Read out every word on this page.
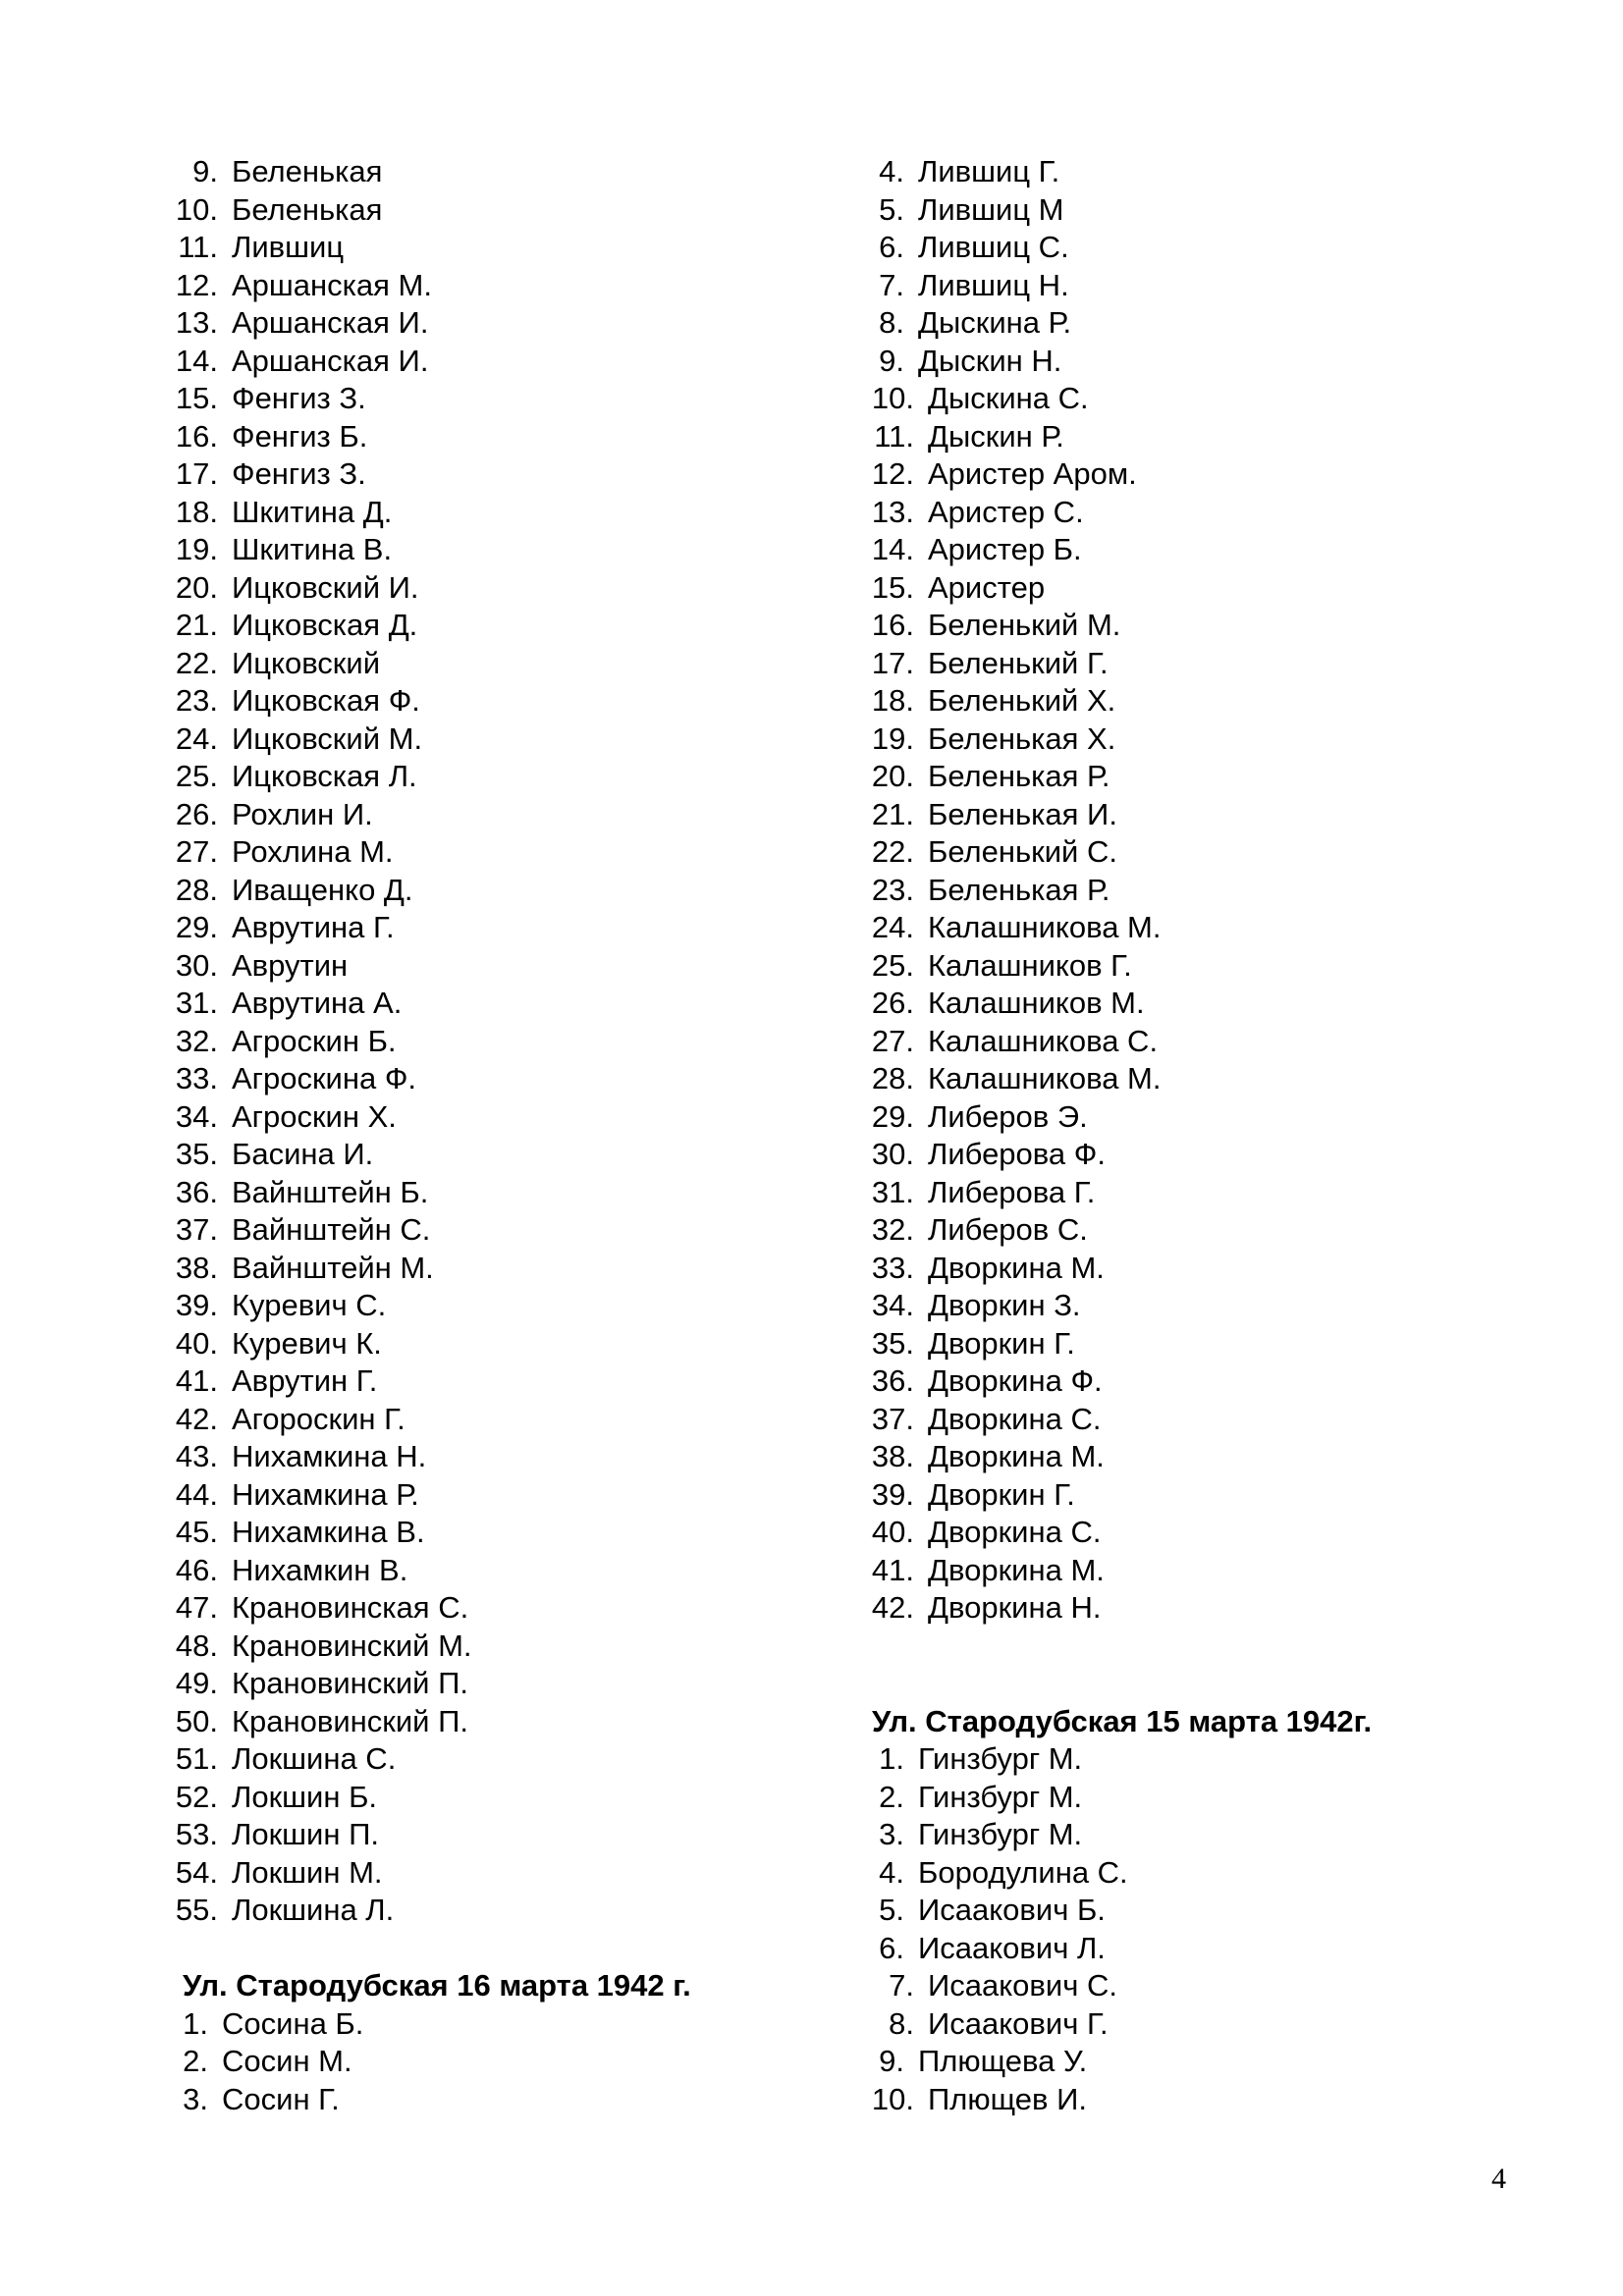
9. Беленькая
10. Беленькая
11. Лившиц
12. Аршанская М.
13. Аршанская И.
14. Аршанская И.
15. Фенгиз З.
16. Фенгиз Б.
17. Фенгиз З.
18. Шкитина Д.
19. Шкитина В.
20. Ицковский И.
21. Ицковская Д.
22. Ицковский
23. Ицковская Ф.
24. Ицковский М.
25. Ицковская Л.
26. Рохлин И.
27. Рохлина М.
28. Иващенко Д.
29. Аврутина Г.
30. Аврутин
31. Аврутина А.
32. Агроскин Б.
33. Агроскина Ф.
34. Агроскин Х.
35. Басина И.
36. Вайнштейн Б.
37. Вайнштейн С.
38. Вайнштейн М.
39. Куревич С.
40. Куревич К.
41. Аврутин Г.
42. Агороскин Г.
43. Нихамкина Н.
44. Нихамкина Р.
45. Нихамкина В.
46. Нихамкин В.
47. Крановинская С.
48. Крановинский М.
49. Крановинский П.
50. Крановинский П.
51. Локшина С.
52. Локшин Б.
53. Локшин П.
54. Локшин М.
55. Локшина Л.
Ул. Стародубская 16 марта 1942 г.
1. Сосина Б.
2. Сосин М.
3. Сосин Г.
4. Лившиц Г.
5. Лившиц М
6. Лившиц С.
7. Лившиц Н.
8. Дыскина Р.
9. Дыскин Н.
10. Дыскина С.
11. Дыскин Р.
12. Аристер Аром.
13. Аристер С.
14. Аристер Б.
15. Аристер
16. Беленький М.
17. Беленький Г.
18. Беленький Х.
19. Беленькая Х.
20. Беленькая Р.
21. Беленькая И.
22. Беленький С.
23. Беленькая Р.
24. Калашникова М.
25. Калашников Г.
26. Калашников М.
27. Калашникова С.
28. Калашникова М.
29. Либеров Э.
30. Либерова Ф.
31. Либерова Г.
32. Либеров С.
33. Дворкина М.
34. Дворкин З.
35. Дворкин Г.
36. Дворкина Ф.
37. Дворкина С.
38. Дворкина М.
39. Дворкин Г.
40. Дворкина С.
41. Дворкина М.
42. Дворкина Н.
Ул. Стародубская 15 марта 1942г.
1. Гинзбург М.
2. Гинзбург М.
3. Гинзбург М.
4. Бородулина С.
5. Исаакович Б.
6. Исаакович Л.
7. Исаакович С.
8. Исаакович Г.
9. Плющева У.
10. Плющев И.
4
